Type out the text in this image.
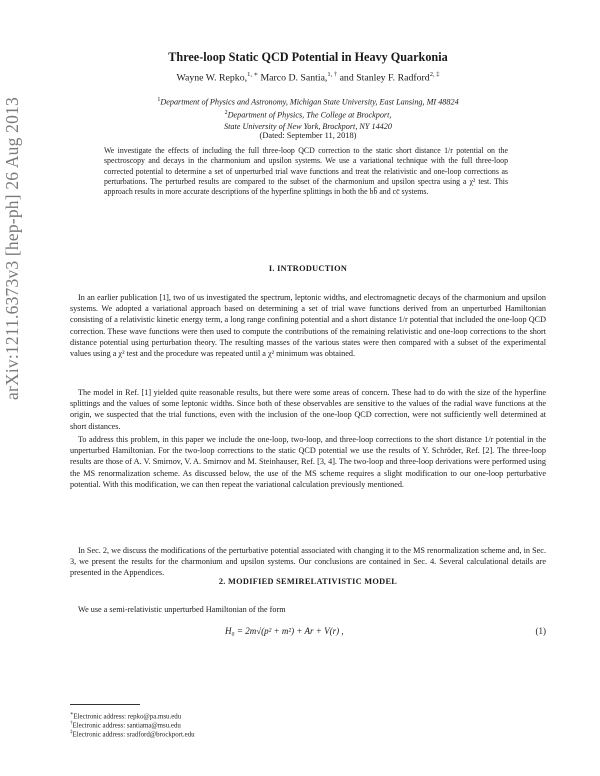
arXiv:1211.6373v3 [hep-ph] 26 Aug 2013
Three-loop Static QCD Potential in Heavy Quarkonia
Wayne W. Repko,$^{1, ∗}$ Marco D. Santia,$^{1, \dagger}$ and Stanley F. Radford$^{2, \ddagger}$
$^1$Department of Physics and Astronomy, Michigan State University, East Lansing, MI 48824
$^2$Department of Physics, The College at Brockport,
State University of New York, Brockport, NY 14420
(Dated: September 11, 2018)
We investigate the effects of including the full three-loop QCD correction to the static short distance 1/r potential on the spectroscopy and decays in the charmonium and upsilon systems. We use a variational technique with the full three-loop corrected potential to determine a set of unperturbed trial wave functions and treat the relativistic and one-loop corrections as perturbations. The perturbed results are compared to the subset of the charmonium and upsilon spectra using a χ² test. This approach results in more accurate descriptions of the hyperfine splittings in both the bb̄ and cc̄ systems.
I. INTRODUCTION
In an earlier publication [1], two of us investigated the spectrum, leptonic widths, and electromagnetic decays of the charmonium and upsilon systems. We adopted a variational approach based on determining a set of trial wave functions derived from an unperturbed Hamiltonian consisting of a relativistic kinetic energy term, a long range confining potential and a short distance 1/r potential that included the one-loop QCD correction. These wave functions were then used to compute the contributions of the remaining relativistic and one-loop corrections to the short distance potential using perturbation theory. The resulting masses of the various states were then compared with a subset of the experimental values using a χ² test and the procedure was repeated until a χ² minimum was obtained.
The model in Ref. [1] yielded quite reasonable results, but there were some areas of concern. These had to do with the size of the hyperfine splittings and the values of some leptonic widths. Since both of these observables are sensitive to the values of the radial wave functions at the origin, we suspected that the trial functions, even with the inclusion of the one-loop QCD correction, were not sufficiently well determined at short distances.
To address this problem, in this paper we include the one-loop, two-loop, and three-loop corrections to the short distance 1/r potential in the unperturbed Hamiltonian. For the two-loop corrections to the static QCD potential we use the results of Y. Schröder, Ref. [2]. The three-loop results are those of A. V. Smirnov, V. A. Smirnov and M. Steinhauser, Ref. [3, 4]. The two-loop and three-loop derivations were performed using the MS renormalization scheme. As discussed below, the use of the MS scheme requires a slight modification to our one-loop perturbative potential. With this modification, we can then repeat the variational calculation previously mentioned.
In Sec. 2, we discuss the modifications of the perturbative potential associated with changing it to the MS renormalization scheme and, in Sec. 3, we present the results for the charmonium and upsilon systems. Our conclusions are contained in Sec. 4. Several calculational details are presented in the Appendices.
2. MODIFIED SEMIRELATIVISTIC MODEL
We use a semi-relativistic unperturbed Hamiltonian of the form
H₀ = 2m√(p² + m²) + Ar + V(r) ,	(1)
∗Electronic address: repko@pa.msu.edu
†Electronic address: santiama@msu.edu
‡Electronic address: sradford@brockport.edu
